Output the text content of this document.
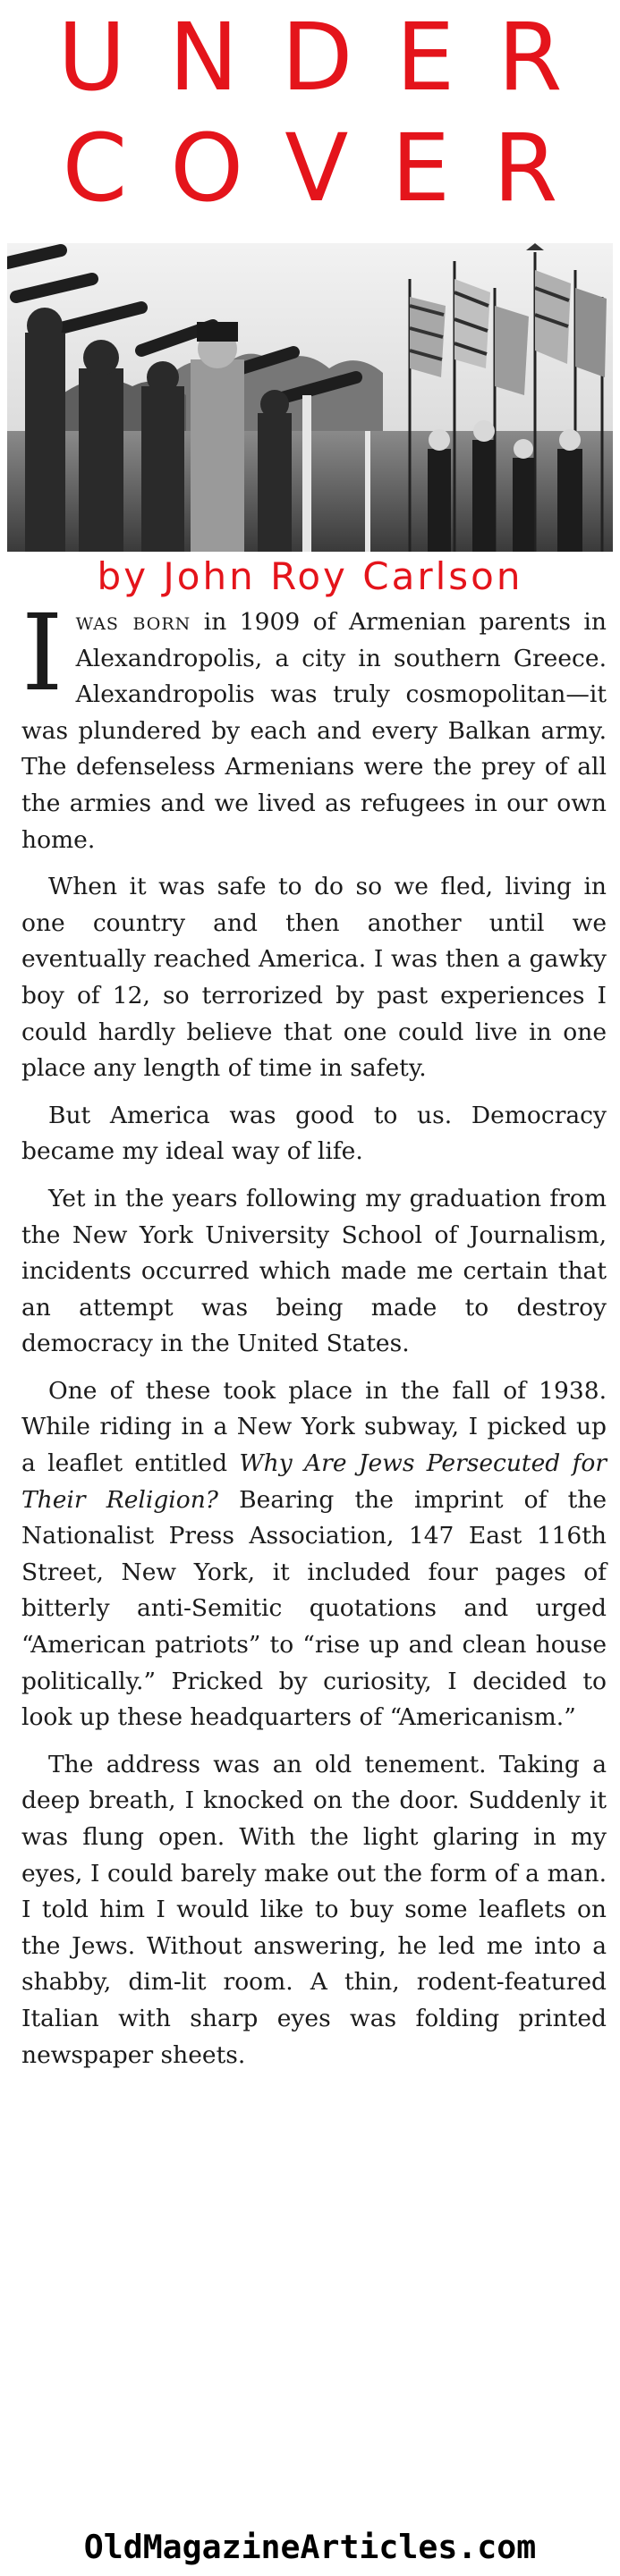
UNDER
COVER
by John Roy Carlson

Iwas born in 1909 of Armenian parents in Alexandropolis, a city in southern Greece. Alexandropolis was truly cosmopolitan—it was plundered by each and every Balkan army. The defenseless Armenians were the prey of all the armies and we lived as refugees in our own home.

When it was safe to do so we fled, living in one country and then another until we eventually reached America. I was then a gawky boy of 12, so terrorized by past experiences I could hardly believe that one could live in one place any length of time in safety.

But America was good to us. Democracy became my ideal way of life.

Yet in the years following my graduation from the New York University School of Journalism, incidents occurred which made me certain that an attempt was being made to destroy democracy in the United States.

One of these took place in the fall of 1938. While riding in a New York subway, I picked up a leaflet entitled Why Are Jews Persecuted for Their Religion? Bearing the imprint of the Nationalist Press Association, 147 East 116th Street, New York, it included four pages of bitterly anti-Semitic quotations and urged “American patriots” to “rise up and clean house politically.” Pricked by curiosity, I decided to look up these headquarters of “Americanism.”

The address was an old tenement. Taking a deep breath, I knocked on the door. Suddenly it was flung open. With the light glaring in my eyes, I could barely make out the form of a man. I told him I would like to buy some leaflets on the Jews. Without answering, he led me into a shabby, dim-lit room. A thin, rodent-featured Italian with sharp eyes was folding printed newspaper sheets.

OldMagazineArticles.com
